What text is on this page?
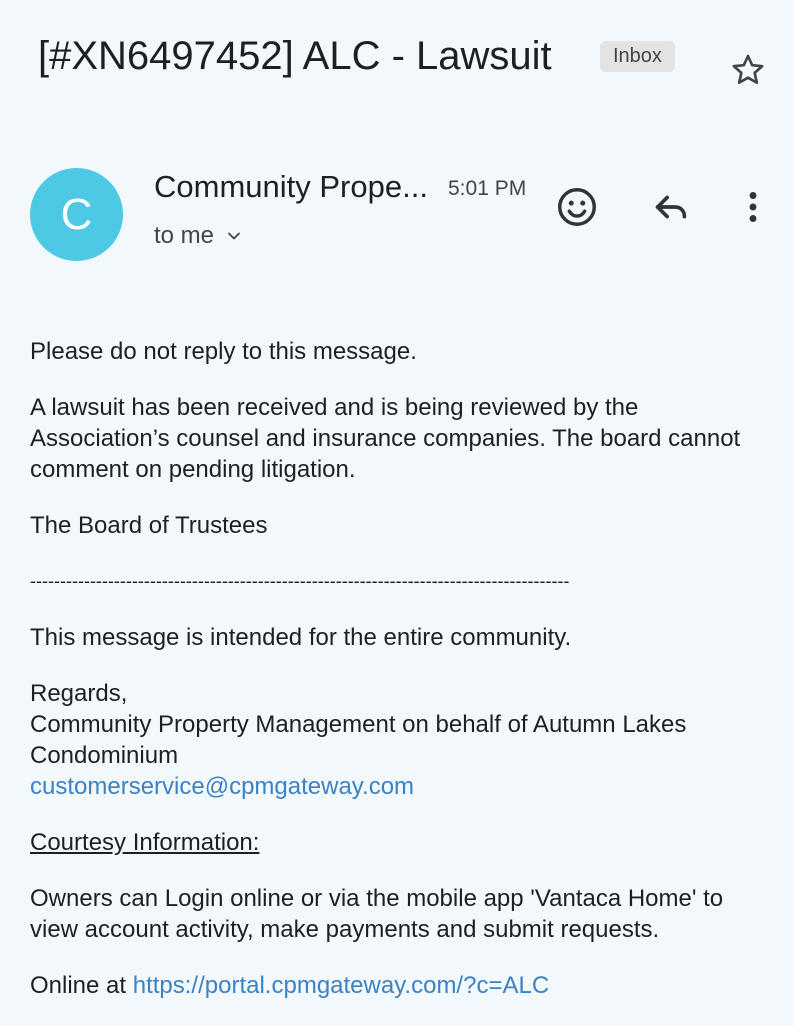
[#XN6497452] ALC - Lawsuit	Inbox
C
Community Prope... 5:01 PM
to me

Please do not reply to this message.

A lawsuit has been received and is being reviewed by the Association’s counsel and insurance companies. The board cannot comment on pending litigation.

The Board of Trustees

------------------------------------------------------------------------------------------

This message is intended for the entire community.

Regards,
Community Property Management on behalf of Autumn Lakes Condominium
customerservice@cpmgateway.com

Courtesy Information:

Owners can Login online or via the mobile app 'Vantaca Home' to view account activity, make payments and submit requests.

Online at https://portal.cpmgateway.com/?c=ALC
